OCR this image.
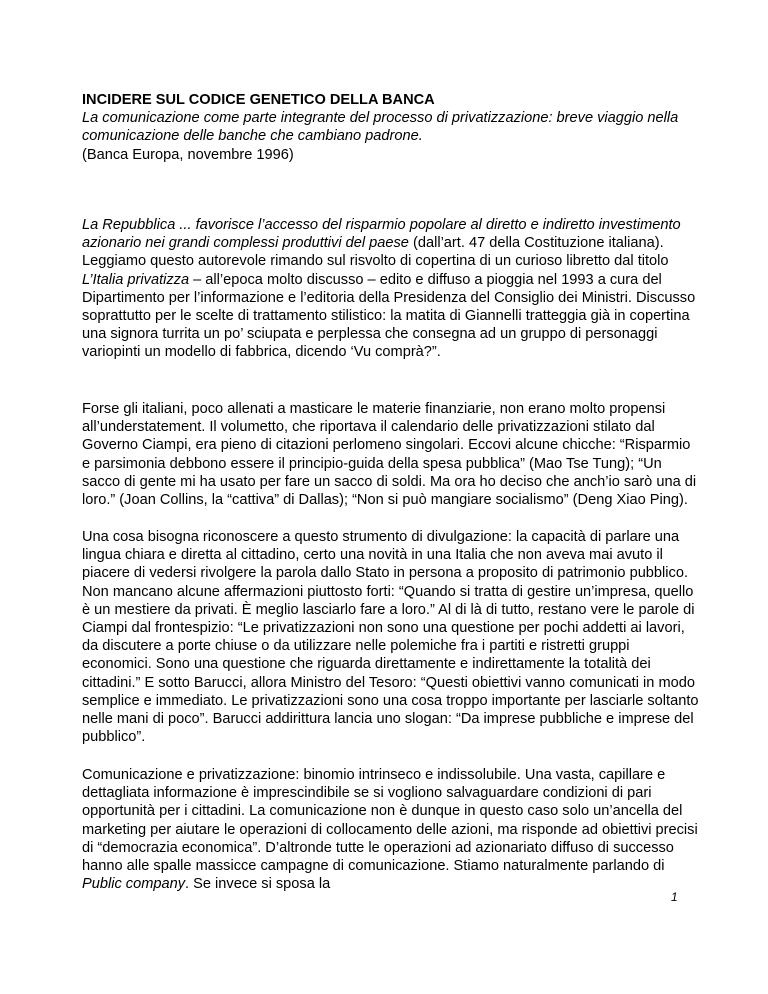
INCIDERE SUL CODICE GENETICO DELLA BANCA
La comunicazione come parte integrante del processo di privatizzazione: breve viaggio nella comunicazione delle banche che cambiano padrone.
(Banca Europa, novembre 1996)

La Repubblica ... favorisce l’accesso del risparmio popolare al diretto e indiretto investimento azionario nei grandi complessi produttivi del paese (dall’art. 47 della Costituzione italiana). Leggiamo questo autorevole rimando sul risvolto di copertina di un curioso libretto dal titolo L’Italia privatizza – all’epoca molto discusso – edito e diffuso a pioggia nel 1993 a cura del Dipartimento per l’informazione e l’editoria della Presidenza del Consiglio dei Ministri. Discusso soprattutto per le scelte di trattamento stilistico: la matita di Giannelli tratteggia già in copertina una signora turrita un po’ sciupata e perplessa che consegna ad un gruppo di personaggi variopinti un modello di fabbrica, dicendo ‘Vu comprà?”.

Forse gli italiani, poco allenati a masticare le materie finanziarie, non erano molto propensi all’understatement. Il volumetto, che riportava il calendario delle privatizzazioni stilato dal Governo Ciampi, era pieno di citazioni perlomeno singolari. Eccovi alcune chicche: “Risparmio e parsimonia debbono essere il principio-guida della spesa pubblica” (Mao Tse Tung); “Un sacco di gente mi ha usato per fare un sacco di soldi. Ma ora ho deciso che anch’io sarò una di loro.” (Joan Collins, la “cattiva” di Dallas); “Non si può mangiare socialismo” (Deng Xiao Ping).

Una cosa bisogna riconoscere a questo strumento di divulgazione: la capacità di parlare una lingua chiara e diretta al cittadino, certo una novità in una Italia che non aveva mai avuto il piacere di vedersi rivolgere la parola dallo Stato in persona a proposito di patrimonio pubblico. Non mancano alcune affermazioni piuttosto forti: “Quando si tratta di gestire un’impresa, quello è un mestiere da privati. È meglio lasciarlo fare a loro.” Al di là di tutto, restano vere le parole di Ciampi dal frontespizio: “Le privatizzazioni non sono una questione per pochi addetti ai lavori, da discutere a porte chiuse o da utilizzare nelle polemiche fra i partiti e ristretti gruppi economici. Sono una questione che riguarda direttamente e indirettamente la totalità dei cittadini.” E sotto Barucci, allora Ministro del Tesoro: “Questi obiettivi vanno comunicati in modo semplice e immediato. Le privatizzazioni sono una cosa troppo importante per lasciarle soltanto nelle mani di poco”. Barucci addirittura lancia uno slogan: “Da imprese pubbliche e imprese del pubblico”.

Comunicazione e privatizzazione: binomio intrinseco e indissolubile. Una vasta, capillare e dettagliata informazione è imprescindibile se si vogliono salvaguardare condizioni di pari opportunità per i cittadini. La comunicazione non è dunque in questo caso solo un’ancella del marketing per aiutare le operazioni di collocamento delle azioni, ma risponde ad obiettivi precisi di “democrazia economica”. D’altronde tutte le operazioni ad azionariato diffuso di successo hanno alle spalle massicce campagne di comunicazione. Stiamo naturalmente parlando di Public company. Se invece si sposa la

1
